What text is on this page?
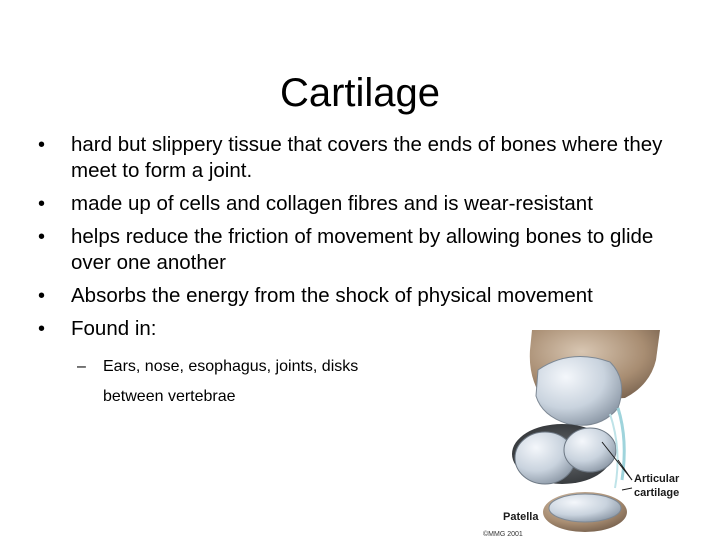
Cartilage
• hard but slippery tissue that covers the ends of bones where they meet to form a joint.
• made up of cells and collagen fibres and is wear-resistant
• helps reduce the friction of movement by allowing bones to glide over one another
• Absorbs the energy from the shock of physical movement
• Found in:
– Ears, nose, esophagus, joints, disks between vertebrae
Articular
cartilage
Patella
©MMG 2001
